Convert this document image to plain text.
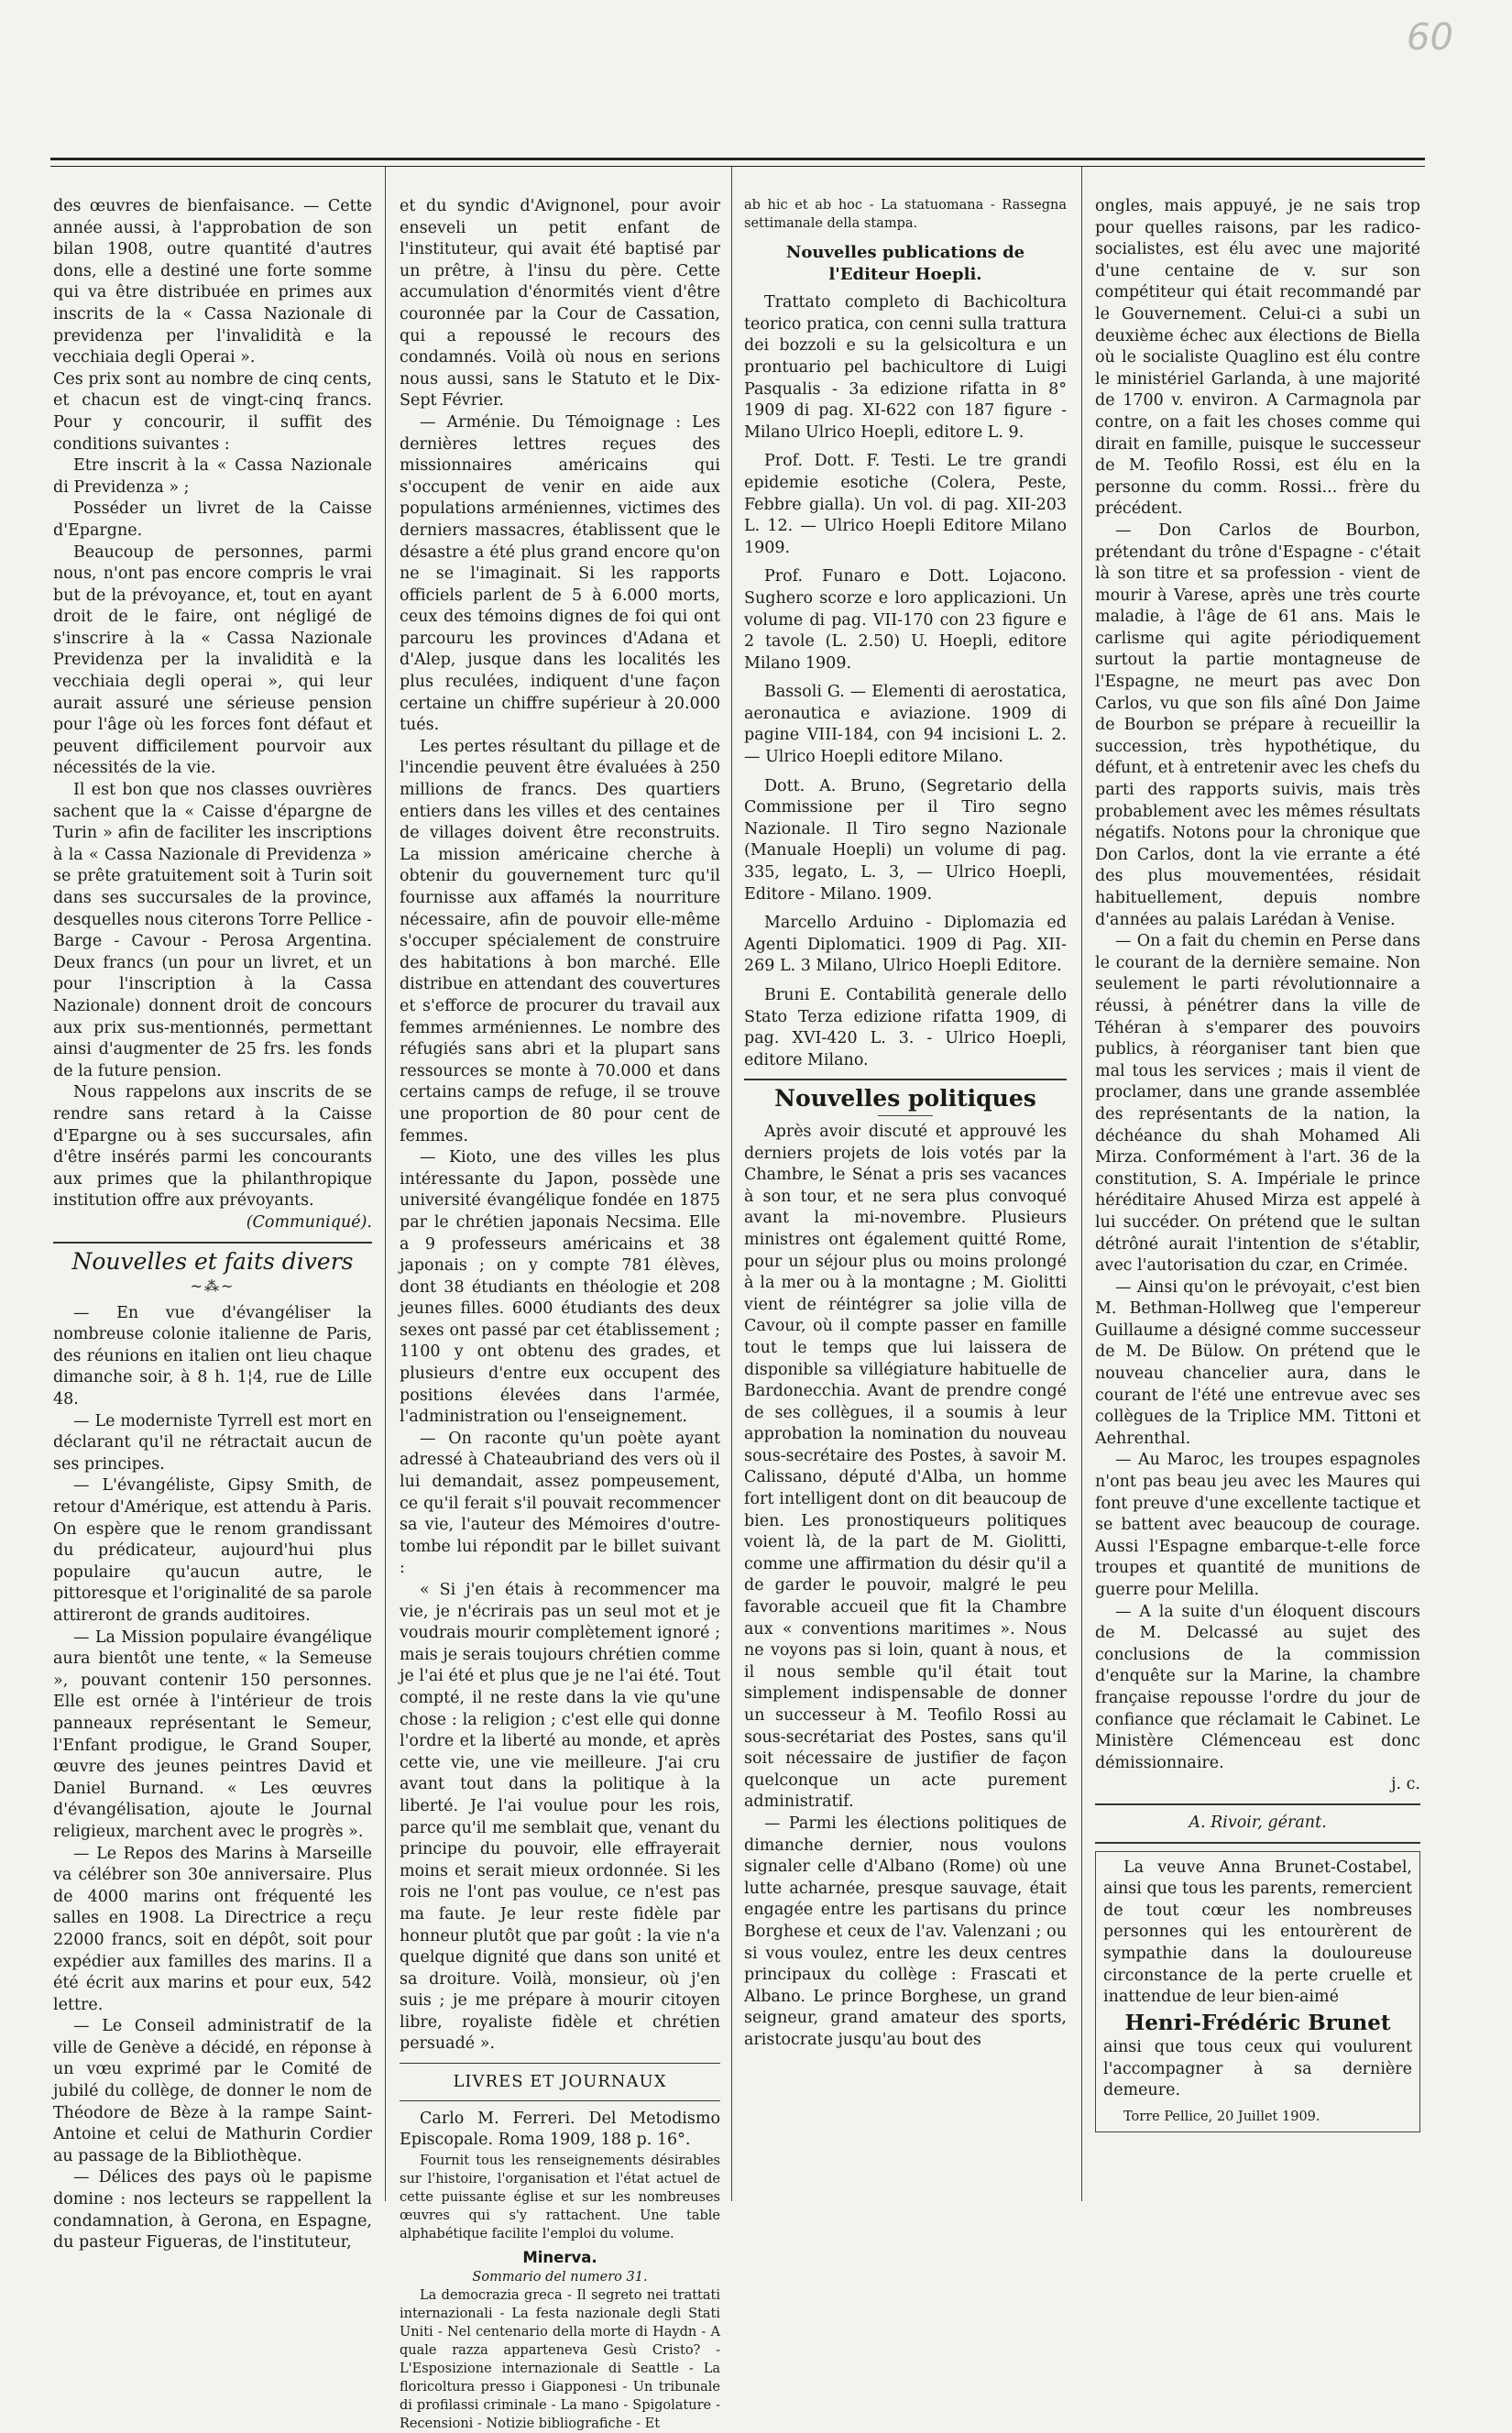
60

des œuvres de bienfaisance. — Cette année aussi, à l'approbation de son bilan 1908, outre quantité d'autres dons, elle a destiné une forte somme qui va être distribuée en primes aux inscrits de la « Cassa Nazionale di previdenza per l'invalidità e la vecchiaia degli Operai ».

Ces prix sont au nombre de cinq cents, et chacun est de vingt-cinq francs. Pour y concourir, il suffit des conditions suivantes :

Etre inscrit à la « Cassa Nazionale di Previdenza » ;

Posséder un livret de la Caisse d'Epargne.

Beaucoup de personnes, parmi nous, n'ont pas encore compris le vrai but de la prévoyance, et, tout en ayant droit de le faire, ont négligé de s'inscrire à la « Cassa Nazionale Previdenza per la invalidità e la vecchiaia degli operai », qui leur aurait assuré une sérieuse pension pour l'âge où les forces font défaut et peuvent difficilement pourvoir aux nécessités de la vie.

Il est bon que nos classes ouvrières sachent que la « Caisse d'épargne de Turin » afin de faciliter les inscriptions à la « Cassa Nazionale di Previdenza » se prête gratuitement soit à Turin soit dans ses succursales de la province, desquelles nous citerons Torre Pellice - Barge - Cavour - Perosa Argentina. Deux francs (un pour un livret, et un pour l'inscription à la Cassa Nazionale) donnent droit de concours aux prix sus-mentionnés, permettant ainsi d'augmenter de 25 frs. les fonds de la future pension.

Nous rappelons aux inscrits de se rendre sans retard à la Caisse d'Epargne ou à ses succursales, afin d'être insérés parmi les concourants aux primes que la philanthropique institution offre aux prévoyants.

(Communiqué).

Nouvelles et faits divers
~⁂~

— En vue d'évangéliser la nombreuse colonie italienne de Paris, des réunions en italien ont lieu chaque dimanche soir, à 8 h. 1¦4, rue de Lille 48.

— Le moderniste Tyrrell est mort en déclarant qu'il ne rétractait aucun de ses principes.

— L'évangéliste, Gipsy Smith, de retour d'Amérique, est attendu à Paris. On espère que le renom grandissant du prédicateur, aujourd'hui plus populaire qu'aucun autre, le pittoresque et l'originalité de sa parole attireront de grands auditoires.

— La Mission populaire évangélique aura bientôt une tente, « la Semeuse », pouvant contenir 150 personnes. Elle est ornée à l'intérieur de trois panneaux représentant le Semeur, l'Enfant prodigue, le Grand Souper, œuvre des jeunes peintres David et Daniel Burnand. « Les œuvres d'évangélisation, ajoute le Journal religieux, marchent avec le progrès ».

— Le Repos des Marins à Marseille va célébrer son 30e anniversaire. Plus de 4000 marins ont fréquenté les salles en 1908. La Directrice a reçu 22000 francs, soit en dépôt, soit pour expédier aux familles des marins. Il a été écrit aux marins et pour eux, 542 lettre.

— Le Conseil administratif de la ville de Genève a décidé, en réponse à un vœu exprimé par le Comité de jubilé du collège, de donner le nom de Théodore de Bèze à la rampe Saint-Antoine et celui de Mathurin Cordier au passage de la Bibliothèque.

— Délices des pays où le papisme domine : nos lecteurs se rappellent la condamnation, à Gerona, en Espagne, du pasteur Figueras, de l'instituteur,

et du syndic d'Avignonel, pour avoir enseveli un petit enfant de l'instituteur, qui avait été baptisé par un prêtre, à l'insu du père. Cette accumulation d'énormités vient d'être couronnée par la Cour de Cassation, qui a repoussé le recours des condamnés. Voilà où nous en serions nous aussi, sans le Statuto et le Dix-Sept Février.

— Arménie. Du Témoignage : Les dernières lettres reçues des missionnaires américains qui s'occupent de venir en aide aux populations arméniennes, victimes des derniers massacres, établissent que le désastre a été plus grand encore qu'on ne se l'imaginait. Si les rapports officiels parlent de 5 à 6.000 morts, ceux des témoins dignes de foi qui ont parcouru les provinces d'Adana et d'Alep, jusque dans les localités les plus reculées, indiquent d'une façon certaine un chiffre supérieur à 20.000 tués.

Les pertes résultant du pillage et de l'incendie peuvent être évaluées à 250 millions de francs. Des quartiers entiers dans les villes et des centaines de villages doivent être reconstruits. La mission américaine cherche à obtenir du gouvernement turc qu'il fournisse aux affamés la nourriture nécessaire, afin de pouvoir elle-même s'occuper spécialement de construire des habitations à bon marché. Elle distribue en attendant des couvertures et s'efforce de procurer du travail aux femmes arméniennes. Le nombre des réfugiés sans abri et la plupart sans ressources se monte à 70.000 et dans certains camps de refuge, il se trouve une proportion de 80 pour cent de femmes.

— Kioto, une des villes les plus intéressante du Japon, possède une université évangélique fondée en 1875 par le chrétien japonais Necsima. Elle a 9 professeurs américains et 38 japonais ; on y compte 781 élèves, dont 38 étudiants en théologie et 208 jeunes filles. 6000 étudiants des deux sexes ont passé par cet établissement ; 1100 y ont obtenu des grades, et plusieurs d'entre eux occupent des positions élevées dans l'armée, l'administration ou l'enseignement.

— On raconte qu'un poète ayant adressé à Chateaubriand des vers où il lui demandait, assez pompeusement, ce qu'il ferait s'il pouvait recommencer sa vie, l'auteur des Mémoires d'outre-tombe lui répondit par le billet suivant :

« Si j'en étais à recommencer ma vie, je n'écrirais pas un seul mot et je voudrais mourir complètement ignoré ; mais je serais toujours chrétien comme je l'ai été et plus que je ne l'ai été. Tout compté, il ne reste dans la vie qu'une chose : la religion ; c'est elle qui donne l'ordre et la liberté au monde, et après cette vie, une vie meilleure. J'ai cru avant tout dans la politique à la liberté. Je l'ai voulue pour les rois, parce qu'il me semblait que, venant du principe du pouvoir, elle effrayerait moins et serait mieux ordonnée. Si les rois ne l'ont pas voulue, ce n'est pas ma faute. Je leur reste fidèle par honneur plutôt que par goût : la vie n'a quelque dignité que dans son unité et sa droiture. Voilà, monsieur, où j'en suis ; je me prépare à mourir citoyen libre, royaliste fidèle et chrétien persuadé ».

LIVRES ET JOURNAUX

Carlo M. Ferreri. Del Metodismo Episcopale. Roma 1909, 188 p. 16°.

Fournit tous les renseignements désirables sur l'histoire, l'organisation et l'état actuel de cette puissante église et sur les nombreuses œuvres qui s'y rattachent. Une table alphabétique facilite l'emploi du volume.

Minerva.
Sommario del numero 31.

La democrazia greca - Il segreto nei trattati internazionali - La festa nazionale degli Stati Uniti - Nel centenario della morte di Haydn - A quale razza apparteneva Gesù Cristo? - L'Esposizione internazionale di Seattle - La floricoltura presso i Giapponesi - Un tribunale di profilassi criminale - La mano - Spigolature - Recensioni - Notizie bibliografiche - Et

ab hic et ab hoc - La statuomana - Rassegna settimanale della stampa.

Nouvelles publications de l'Editeur Hoepli.

Trattato completo di Bachicoltura teorico pratica, con cenni sulla trattura dei bozzoli e su la gelsicoltura e un prontuario pel bachicultore di Luigi Pasqualis - 3a edizione rifatta in 8° 1909 di pag. XI-622 con 187 figure - Milano Ulrico Hoepli, editore L. 9.

Prof. Dott. F. Testi. Le tre grandi epidemie esotiche (Colera, Peste, Febbre gialla). Un vol. di pag. XII-203 L. 12. — Ulrico Hoepli Editore Milano 1909.

Prof. Funaro e Dott. Lojacono. Sughero scorze e loro applicazioni. Un volume di pag. VII-170 con 23 figure e 2 tavole (L. 2.50) U. Hoepli, editore Milano 1909.

Bassoli G. — Elementi di aerostatica, aeronautica e aviazione. 1909 di pagine VIII-184, con 94 incisioni L. 2. — Ulrico Hoepli editore Milano.

Dott. A. Bruno, (Segretario della Commissione per il Tiro segno Nazionale. Il Tiro segno Nazionale (Manuale Hoepli) un volume di pag. 335, legato, L. 3, — Ulrico Hoepli, Editore - Milano. 1909.

Marcello Arduino - Diplomazia ed Agenti Diplomatici. 1909 di Pag. XII-269 L. 3 Milano, Ulrico Hoepli Editore.

Bruni E. Contabilità generale dello Stato Terza edizione rifatta 1909, di pag. XVI-420 L. 3. - Ulrico Hoepli, editore Milano.

Nouvelles politiques

Après avoir discuté et approuvé les derniers projets de lois votés par la Chambre, le Sénat a pris ses vacances à son tour, et ne sera plus convoqué avant la mi-novembre. Plusieurs ministres ont également quitté Rome, pour un séjour plus ou moins prolongé à la mer ou à la montagne ; M. Giolitti vient de réintégrer sa jolie villa de Cavour, où il compte passer en famille tout le temps que lui laissera de disponible sa villégiature habituelle de Bardonecchia. Avant de prendre congé de ses collègues, il a soumis à leur approbation la nomination du nouveau sous-secrétaire des Postes, à savoir M. Calissano, député d'Alba, un homme fort intelligent dont on dit beaucoup de bien. Les pronostiqueurs politiques voient là, de la part de M. Giolitti, comme une affirmation du désir qu'il a de garder le pouvoir, malgré le peu favorable accueil que fit la Chambre aux « conventions maritimes ». Nous ne voyons pas si loin, quant à nous, et il nous semble qu'il était tout simplement indispensable de donner un successeur à M. Teofilo Rossi au sous-secrétariat des Postes, sans qu'il soit nécessaire de justifier de façon quelconque un acte purement administratif.

— Parmi les élections politiques de dimanche dernier, nous voulons signaler celle d'Albano (Rome) où une lutte acharnée, presque sauvage, était engagée entre les partisans du prince Borghese et ceux de l'av. Valenzani ; ou si vous voulez, entre les deux centres principaux du collège : Frascati et Albano. Le prince Borghese, un grand seigneur, grand amateur des sports, aristocrate jusqu'au bout des

ongles, mais appuyé, je ne sais trop pour quelles raisons, par les radico-socialistes, est élu avec une majorité d'une centaine de v. sur son compétiteur qui était recommandé par le Gouvernement. Celui-ci a subi un deuxième échec aux élections de Biella où le socialiste Quaglino est élu contre le ministériel Garlanda, à une majorité de 1700 v. environ. A Carmagnola par contre, on a fait les choses comme qui dirait en famille, puisque le successeur de M. Teofilo Rossi, est élu en la personne du comm. Rossi... frère du précédent.

— Don Carlos de Bourbon, prétendant du trône d'Espagne - c'était là son titre et sa profession - vient de mourir à Varese, après une très courte maladie, à l'âge de 61 ans. Mais le carlisme qui agite périodiquement surtout la partie montagneuse de l'Espagne, ne meurt pas avec Don Carlos, vu que son fils aîné Don Jaime de Bourbon se prépare à recueillir la succession, très hypothétique, du défunt, et à entretenir avec les chefs du parti des rapports suivis, mais très probablement avec les mêmes résultats négatifs. Notons pour la chronique que Don Carlos, dont la vie errante a été des plus mouvementées, résidait habituellement, depuis nombre d'années au palais Larédan à Venise.

— On a fait du chemin en Perse dans le courant de la dernière semaine. Non seulement le parti révolutionnaire a réussi, à pénétrer dans la ville de Téhéran à s'emparer des pouvoirs publics, à réorganiser tant bien que mal tous les services ; mais il vient de proclamer, dans une grande assemblée des représentants de la nation, la déchéance du shah Mohamed Ali Mirza. Conformément à l'art. 36 de la constitution, S. A. Impériale le prince héréditaire Ahused Mirza est appelé à lui succéder. On prétend que le sultan détrôné aurait l'intention de s'établir, avec l'autorisation du czar, en Crimée.

— Ainsi qu'on le prévoyait, c'est bien M. Bethman-Hollweg que l'empereur Guillaume a désigné comme successeur de M. De Bülow. On prétend que le nouveau chancelier aura, dans le courant de l'été une entrevue avec ses collègues de la Triplice MM. Tittoni et Aehrenthal.

— Au Maroc, les troupes espagnoles n'ont pas beau jeu avec les Maures qui font preuve d'une excellente tactique et se battent avec beaucoup de courage. Aussi l'Espagne embarque-t-elle force troupes et quantité de munitions de guerre pour Melilla.

— A la suite d'un éloquent discours de M. Delcassé au sujet des conclusions de la commission d'enquête sur la Marine, la chambre française repousse l'ordre du jour de confiance que réclamait le Cabinet. Le Ministère Clémenceau est donc démissionnaire.

j. c.
A. Rivoir, gérant.

La veuve Anna Brunet-Costabel, ainsi que tous les parents, remercient de tout cœur les nombreuses personnes qui les entourèrent de sympathie dans la douloureuse circonstance de la perte cruelle et inattendue de leur bien-aimé

Henri-Frédéric Brunet

ainsi que tous ceux qui voulurent l'accompagner à sa dernière demeure.

Torre Pellice, 20 Juillet 1909.
